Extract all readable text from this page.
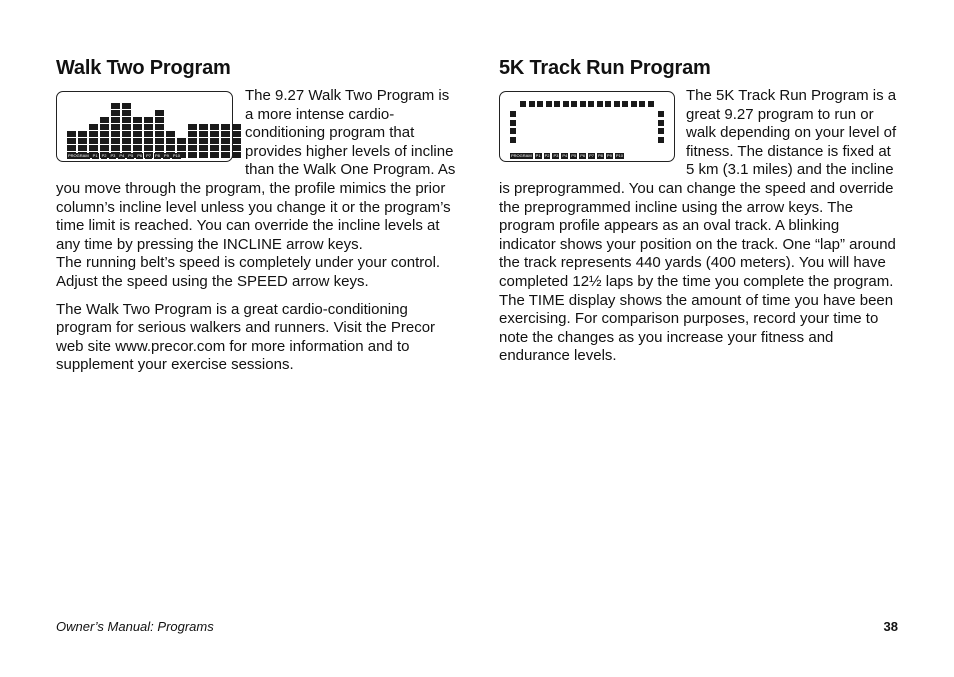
Walk Two Program
PROGRAM P1 P2 P3 P4 P5 P6 P7 P8 P9 P10

The 9.27 Walk Two Program is a more intense cardio-conditioning program that provides higher levels of incline than the Walk One Program. As you move through the program, the profile mimics the prior column’s incline level unless you change it or the program’s time limit is reached. You can override the incline levels at any time by pressing the INCLINE arrow keys.

The running belt’s speed is completely under your control. Adjust the speed using the SPEED arrow keys.

The Walk Two Program is a great cardio-conditioning program for serious walkers and runners. Visit the Precor web site www.precor.com for more information and to supplement your exercise sessions.

5K Track Run Program
PROGRAM P1 P2 P3 P4 P5 P6 P7 P8 P9 P10

The 5K Track Run Program is a great 9.27 program to run or walk depending on your level of fitness. The distance is fixed at 5 km (3.1 miles) and the incline is preprogrammed. You can change the speed and override the preprogrammed incline using the arrow keys. The program profile appears as an oval track. A blinking indicator shows your position on the track. One “lap” around the track represents 440 yards (400 meters). You will have completed 12½ laps by the time you complete the program.

The TIME display shows the amount of time you have been exercising. For comparison purposes, record your time to note the changes as you increase your fitness and endurance levels.

Owner’s Manual: Programs	38
